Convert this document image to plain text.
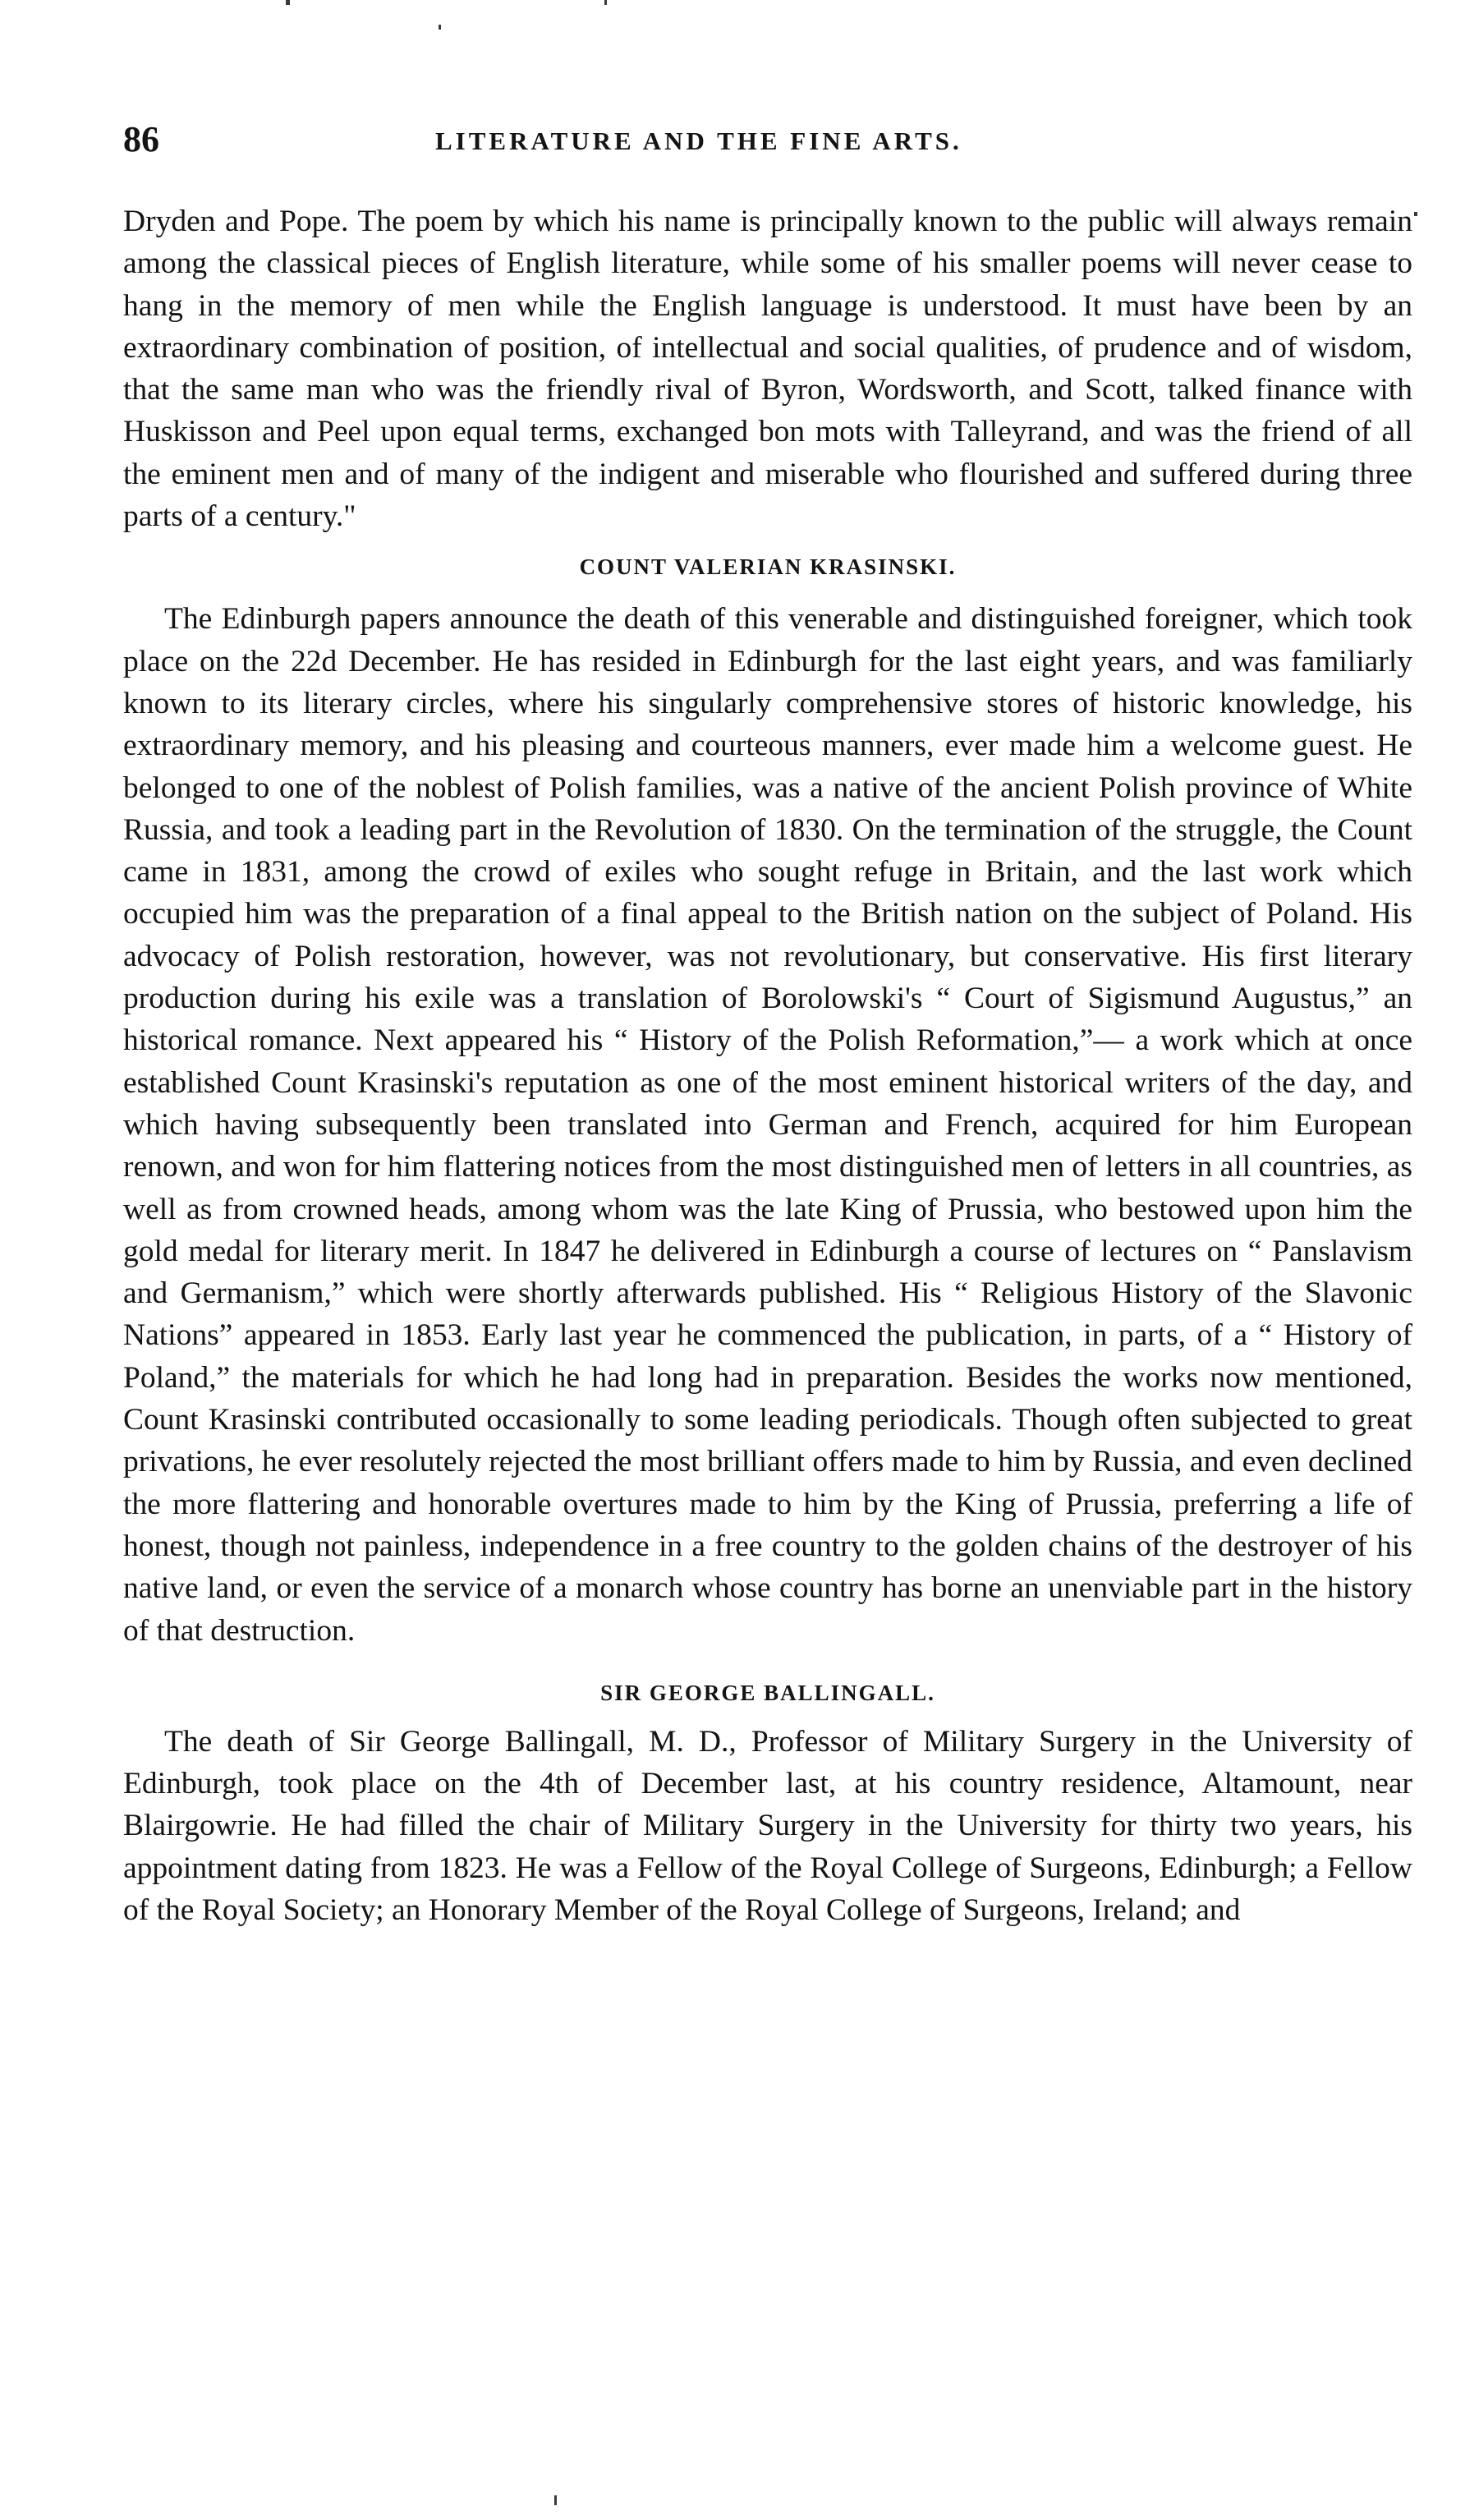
86	LITERATURE AND THE FINE ARTS.

Dryden and Pope. The poem by which his name is principally known to the public will always remain among the classical pieces of English literature, while some of his smaller poems will never cease to hang in the memory of men while the English language is understood. It must have been by an extraordinary combination of position, of intellectual and social qualities, of prudence and of wisdom, that the same man who was the friendly rival of Byron, Wordsworth, and Scott, talked finance with Huskisson and Peel upon equal terms, exchanged bon mots with Talleyrand, and was the friend of all the eminent men and of many of the indigent and miserable who flourished and suffered during three parts of a century."

COUNT VALERIAN KRASINSKI.

The Edinburgh papers announce the death of this venerable and distinguished foreigner, which took place on the 22d December. He has resided in Edinburgh for the last eight years, and was familiarly known to its literary circles, where his singularly comprehensive stores of historic knowledge, his extraordinary memory, and his pleasing and courteous manners, ever made him a welcome guest. He belonged to one of the noblest of Polish families, was a native of the ancient Polish province of White Russia, and took a leading part in the Revolution of 1830. On the termination of the struggle, the Count came in 1831, among the crowd of exiles who sought refuge in Britain, and the last work which occupied him was the preparation of a final appeal to the British nation on the subject of Poland. His advocacy of Polish restoration, however, was not revolutionary, but conservative. His first literary production during his exile was a translation of Borolowski's “ Court of Sigismund Augustus,” an historical romance. Next appeared his “ History of the Polish Reformation,”— a work which at once established Count Krasinski's reputation as one of the most eminent historical writers of the day, and which having subsequently been translated into German and French, acquired for him European renown, and won for him flattering notices from the most distinguished men of letters in all countries, as well as from crowned heads, among whom was the late King of Prussia, who bestowed upon him the gold medal for literary merit. In 1847 he delivered in Edinburgh a course of lectures on “ Panslavism and Germanism,” which were shortly afterwards published. His “ Religious History of the Slavonic Nations” appeared in 1853. Early last year he commenced the publication, in parts, of a “ History of Poland,” the materials for which he had long had in preparation. Besides the works now mentioned, Count Krasinski contributed occasionally to some leading periodicals. Though often subjected to great privations, he ever resolutely rejected the most brilliant offers made to him by Russia, and even declined the more flattering and honorable overtures made to him by the King of Prussia, preferring a life of honest, though not painless, independence in a free country to the golden chains of the destroyer of his native land, or even the service of a monarch whose country has borne an unenviable part in the history of that destruction.

SIR GEORGE BALLINGALL.

The death of Sir George Ballingall, M. D., Professor of Military Surgery in the University of Edinburgh, took place on the 4th of December last, at his country residence, Altamount, near Blairgowrie. He had filled the chair of Military Surgery in the University for thirty two years, his appointment dating from 1823. He was a Fellow of the Royal College of Surgeons, Edinburgh; a Fellow of the Royal Society; an Honorary Member of the Royal College of Surgeons, Ireland; and
